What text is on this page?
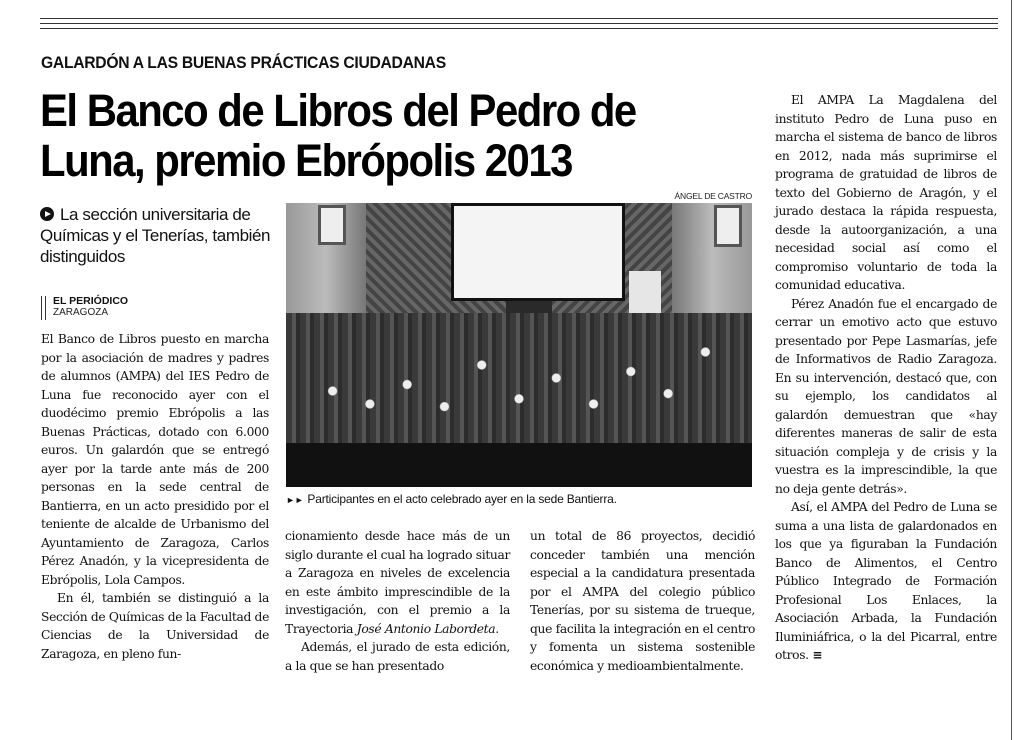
GALARDÓN A LAS BUENAS PRÁCTICAS CIUDADANAS
El Banco de Libros del Pedro de Luna, premio Ebrópolis 2013
La sección universitaria de Químicas y el Tenerías, también distinguidos
EL PERIÓDICO
ZARAGOZA
ÁNGEL DE CASTRO
►► Participantes en el acto celebrado ayer en la sede Bantierra.

El Banco de Libros puesto en marcha por la asociación de madres y padres de alumnos (AMPA) del IES Pedro de Luna fue reconocido ayer con el duodécimo premio Ebrópolis a las Buenas Prácticas, dotado con 6.000 euros. Un galardón que se entregó ayer por la tarde ante más de 200 personas en la sede central de Bantierra, en un acto presidido por el teniente de alcalde de Urbanismo del Ayuntamiento de Zaragoza, Carlos Pérez Anadón, y la vicepresidenta de Ebrópolis, Lola Campos.

En él, también se distinguió a la Sección de Químicas de la Facultad de Ciencias de la Universidad de Zaragoza, en pleno fun-

cionamiento desde hace más de un siglo durante el cual ha logrado situar a Zaragoza en niveles de excelencia en este ámbito imprescindible de la investigación, con el premio a la Trayectoria José Antonio Labordeta.

Además, el jurado de esta edición, a la que se han presentado

un total de 86 proyectos, decidió conceder también una mención especial a la candidatura presentada por el AMPA del colegio público Tenerías, por su sistema de trueque, que facilita la integración en el centro y fomenta un sistema sostenible económica y medioambientalmente.

El AMPA La Magdalena del instituto Pedro de Luna puso en marcha el sistema de banco de libros en 2012, nada más suprimirse el programa de gratuidad de libros de texto del Gobierno de Aragón, y el jurado destaca la rápida respuesta, desde la autoorganización, a una necesidad social así como el compromiso voluntario de toda la comunidad educativa.

Pérez Anadón fue el encargado de cerrar un emotivo acto que estuvo presentado por Pepe Lasmarías, jefe de Informativos de Radio Zaragoza. En su intervención, destacó que, con su ejemplo, los candidatos al galardón demuestran que «hay diferentes maneras de salir de esta situación compleja y de crisis y la vuestra es la imprescindible, la que no deja gente detrás».

Así, el AMPA del Pedro de Luna se suma a una lista de galardonados en los que ya figuraban la Fundación Banco de Alimentos, el Centro Público Integrado de Formación Profesional Los Enlaces, la Asociación Arbada, la Fundación Iluminiáfrica, o la del Picarral, entre otros. ≡
